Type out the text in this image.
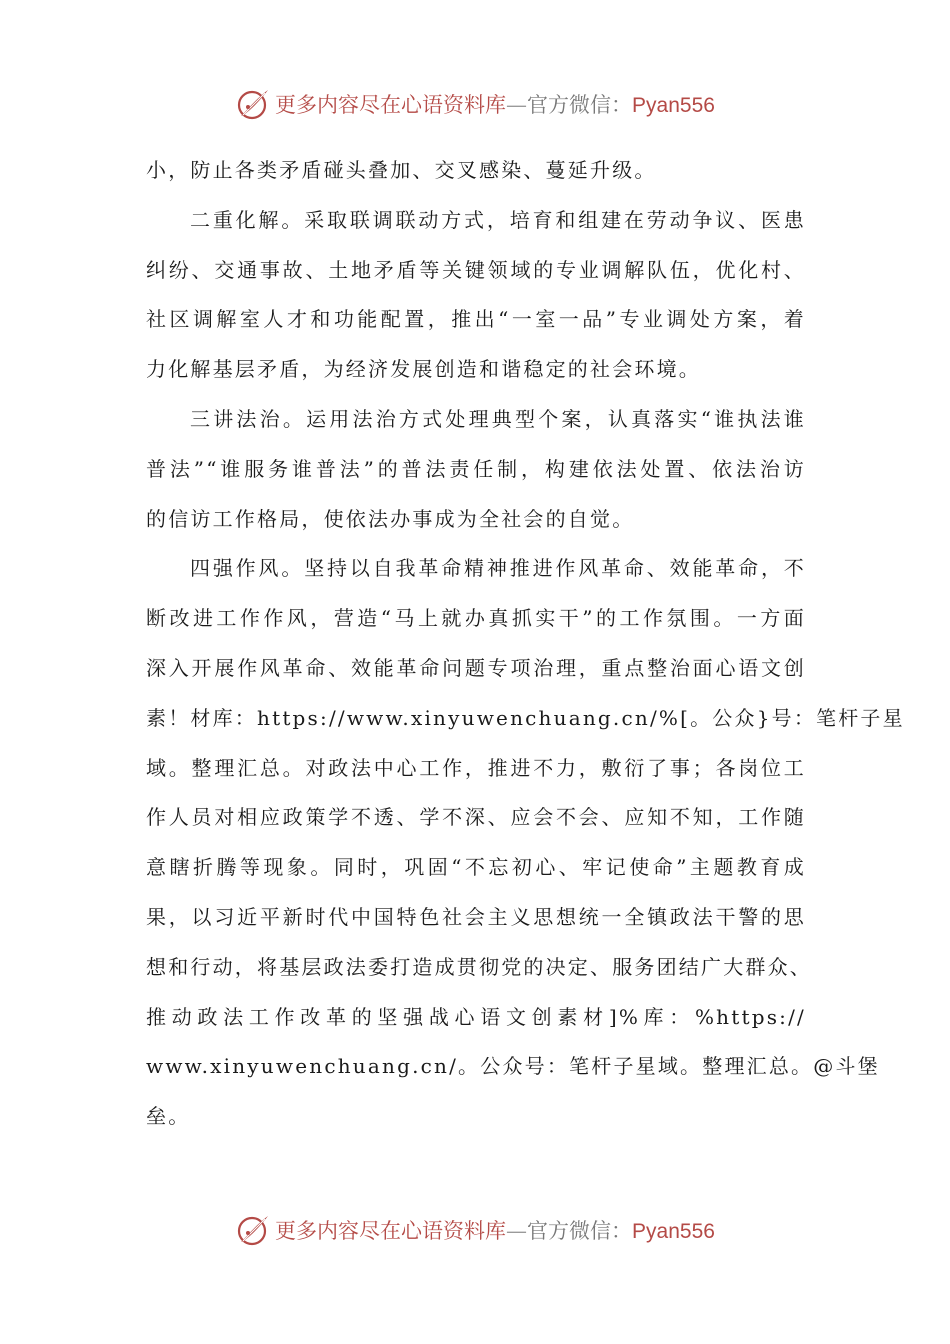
更多内容尽在心语资料库—官方微信：Pyan556
小，防止各类矛盾碰头叠加、交叉感染、蔓延升级。
二重化解。采取联调联动方式，培育和组建在劳动争议、医患
纠纷、交通事故、土地矛盾等关键领域的专业调解队伍，优化村、
社区调解室人才和功能配置，推出“一室一品”专业调处方案，着
力化解基层矛盾，为经济发展创造和谐稳定的社会环境。
三讲法治。运用法治方式处理典型个案，认真落实“谁执法谁
普法”“谁服务谁普法”的普法责任制，构建依法处置、依法治访
的信访工作格局，使依法办事成为全社会的自觉。
四强作风。坚持以自我革命精神推进作风革命、效能革命，不
断改进工作作风，营造“马上就办真抓实干”的工作氛围。一方面
深入开展作风革命、效能革命问题专项治理，重点整治面心语文创
素！材库：https://www.xinyuwenchuang.cn/%[。公众}号：笔杆子星
域。整理汇总。对政法中心工作，推进不力，敷衍了事；各岗位工
作人员对相应政策学不透、学不深、应会不会、应知不知，工作随
意瞎折腾等现象。同时，巩固“不忘初心、牢记使命”主题教育成
果，以习近平新时代中国特色社会主义思想统一全镇政法干警的思
想和行动，将基层政法委打造成贯彻党的决定、服务团结广大群众、
推动政法工作改革的坚强战心语文创素材]%库：%https://
www.xinyuwenchuang.cn/。公众号：笔杆子星域。整理汇总。@斗堡
垒。
更多内容尽在心语资料库—官方微信：Pyan556
